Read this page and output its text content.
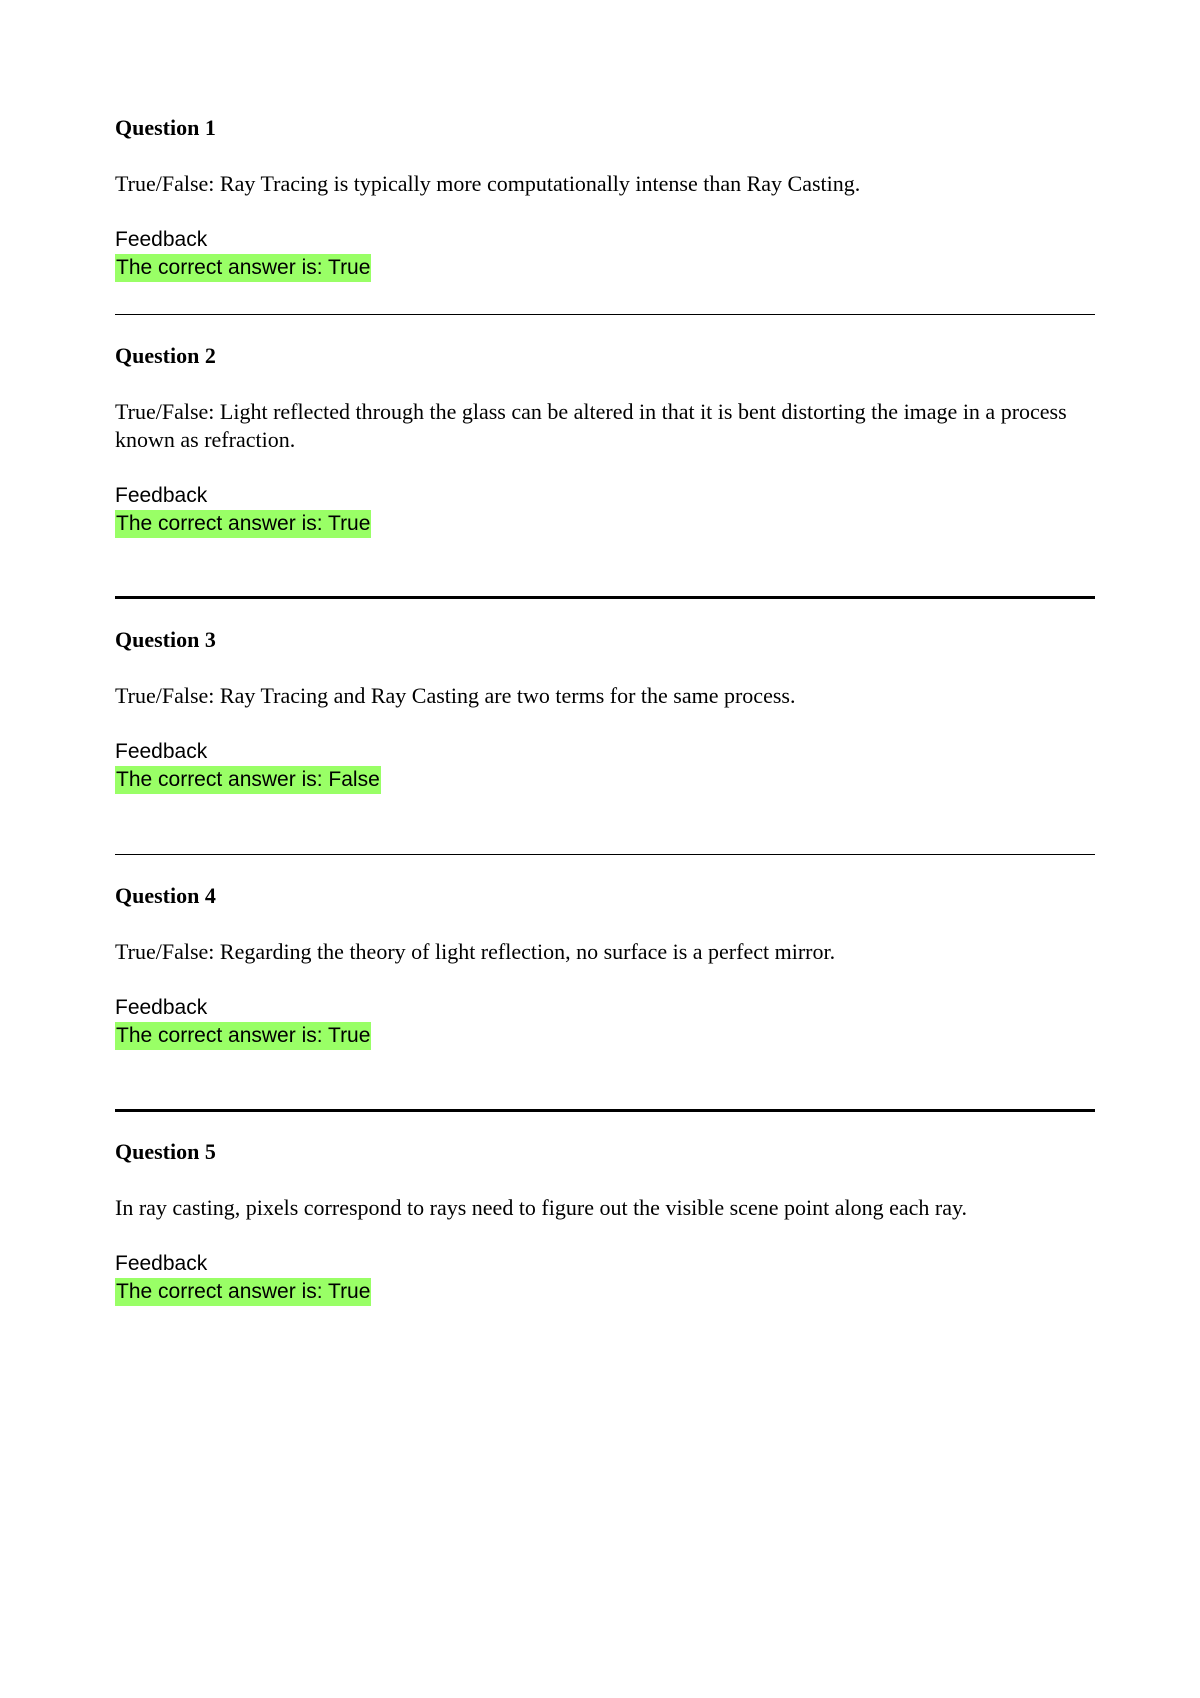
Question 1
True/False: Ray Tracing is typically more computationally intense than Ray Casting.
Feedback
The correct answer is: True
Question 2
True/False: Light reflected through the glass can be altered in that it is bent distorting the image in a process known as refraction.
Feedback
The correct answer is: True
Question 3
True/False: Ray Tracing and Ray Casting are two terms for the same process.
Feedback
The correct answer is: False
Question 4
True/False: Regarding the theory of light reflection, no surface is a perfect mirror.
Feedback
The correct answer is: True
Question 5
In ray casting, pixels correspond to rays need to figure out the visible scene point along each ray.
Feedback
The correct answer is: True
